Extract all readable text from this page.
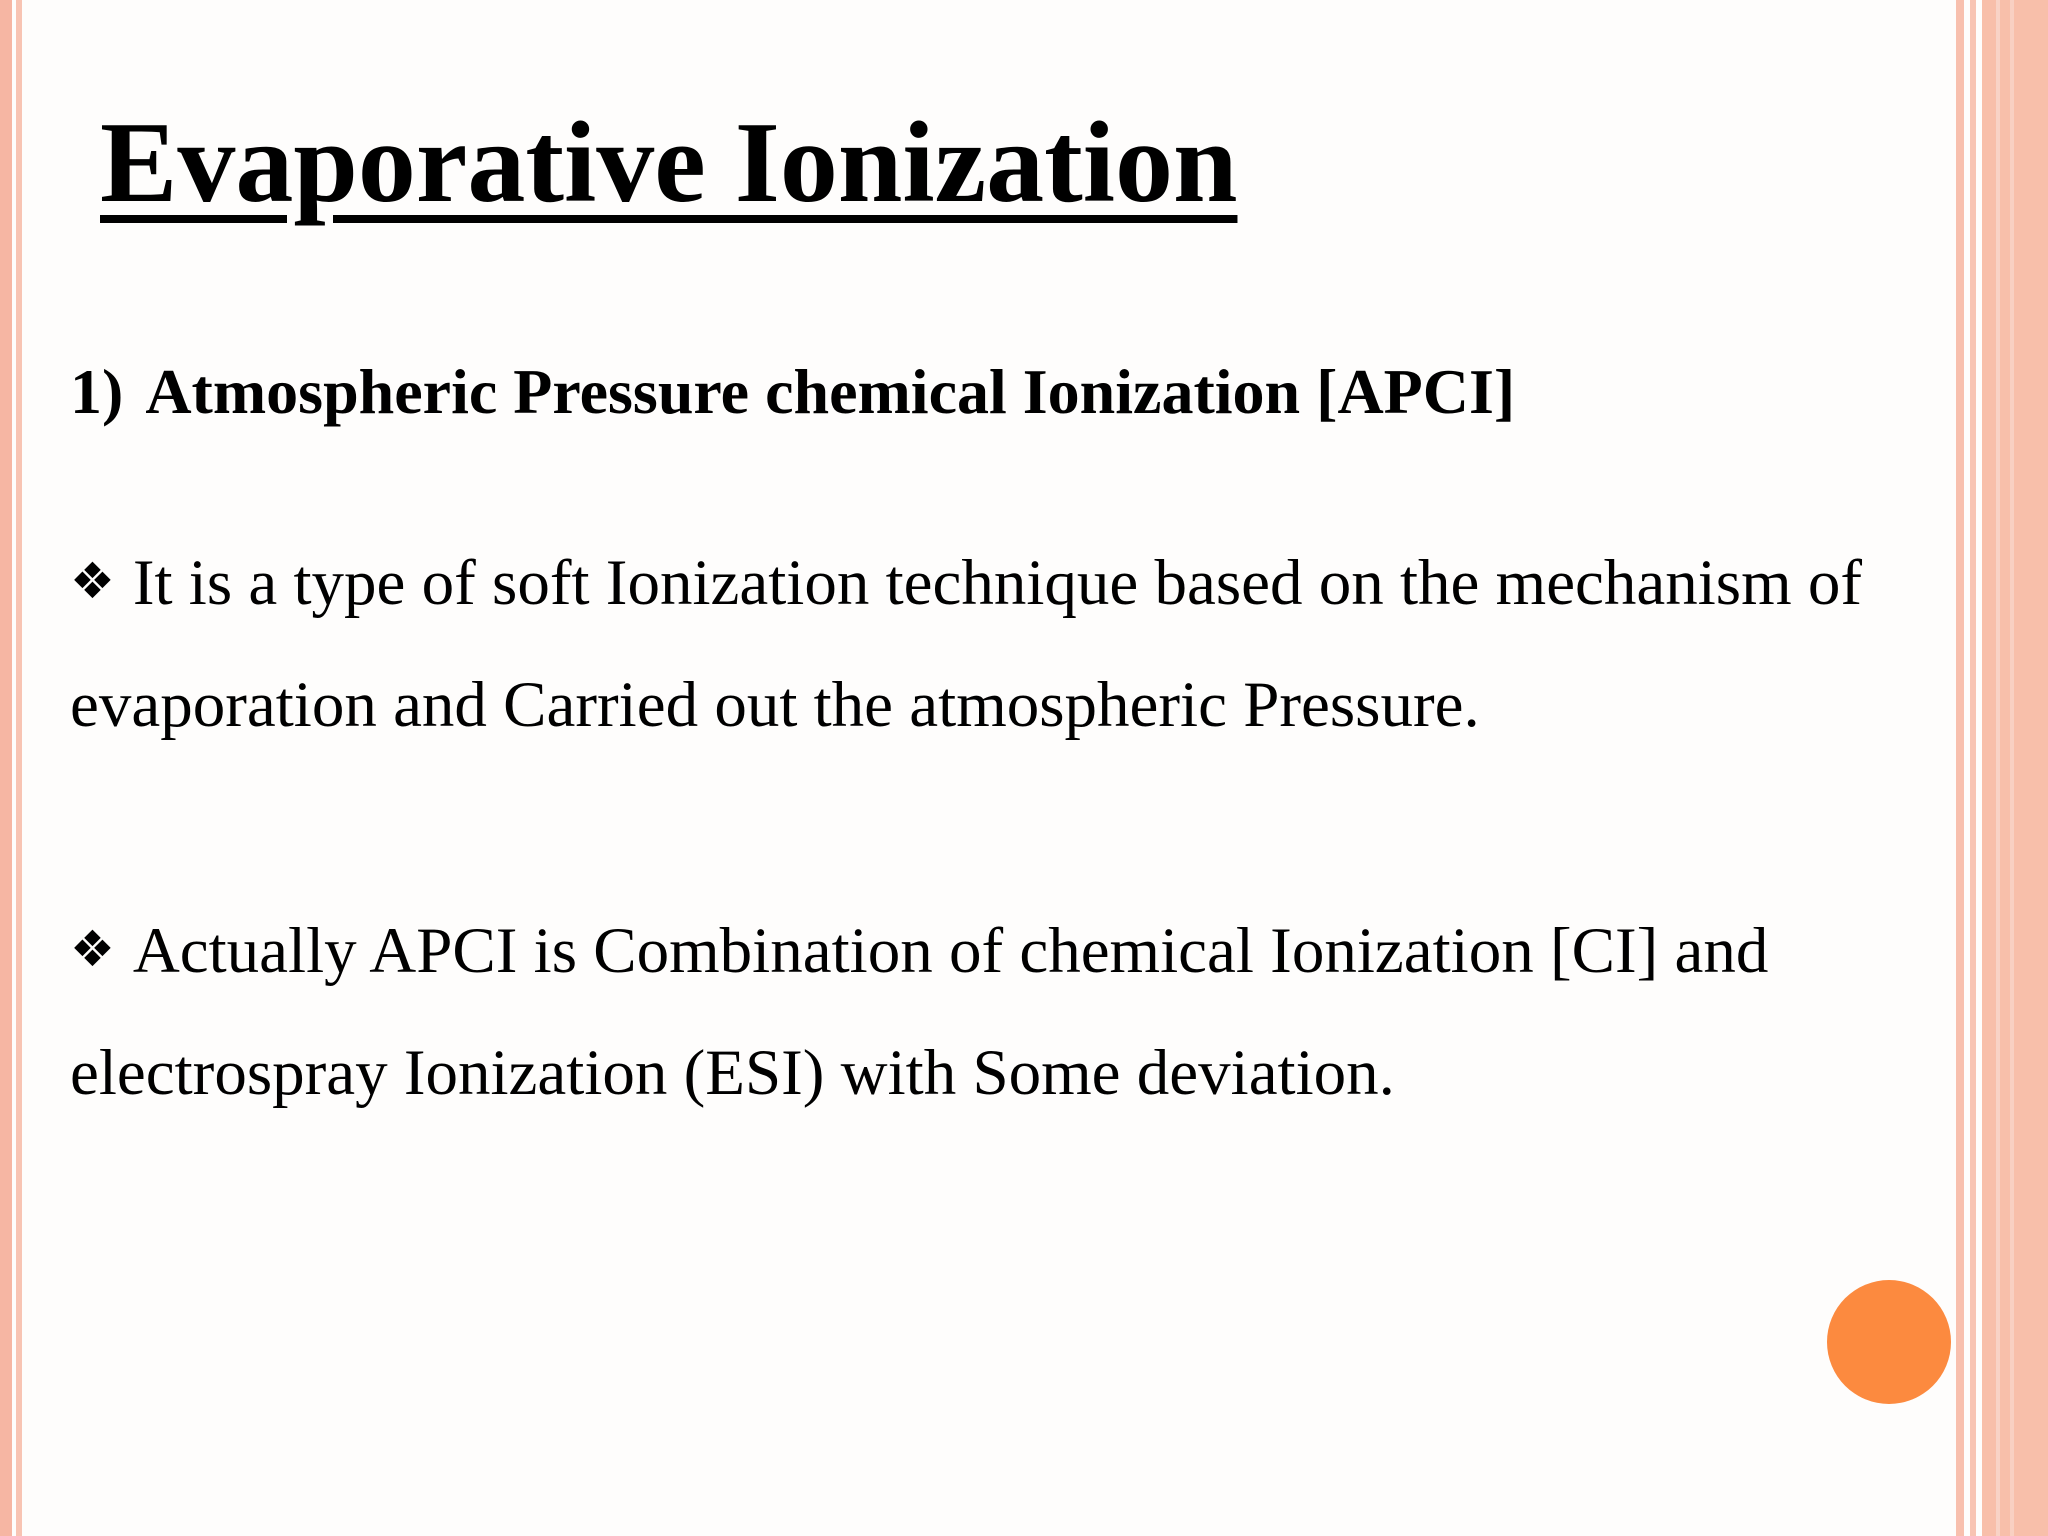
Evaporative Ionization
1) Atmospheric Pressure chemical Ionization [APCI]

❖ It is a type of soft Ionization technique based on the mechanism of evaporation and Carried out the atmospheric Pressure.

❖ Actually APCI is Combination of chemical Ionization [CI] and electrospray Ionization (ESI) with Some deviation.
